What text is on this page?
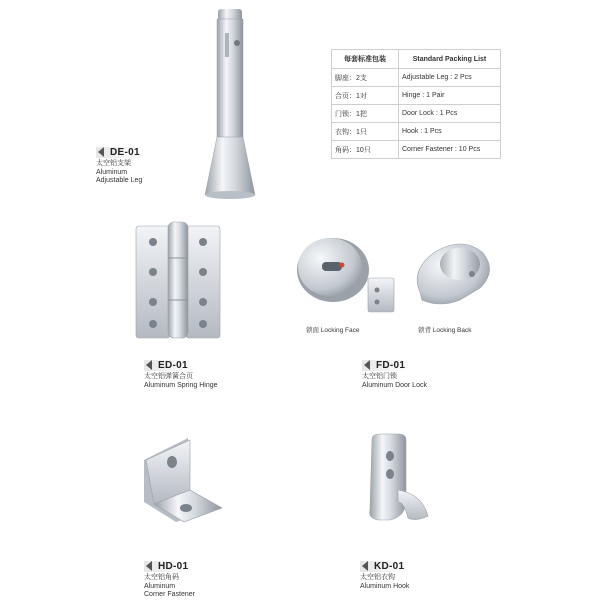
每套标准包装	Standard Packing List
脚座：2支	Adjustable Leg : 2 Pcs
合页：1对	Hinge : 1 Pair
门锁：1把	Door Lock : 1 Pcs
衣钩：1只	Hook : 1 Pcs
角码：10只	Corner Fastener : 10 Pcs
DE-01
太空铝支架
Aluminum
Adjustable Leg
ED-01
太空铝弹簧合页
Aluminum Spring Hinge
锁面 Locking Face	锁背 Locking Back
FD-01
太空铝门锁
Aluminum Door Lock
HD-01
太空铝角码
Aluminum
Corner Fastener
KD-01
太空铝衣钩
Aluminum Hook
